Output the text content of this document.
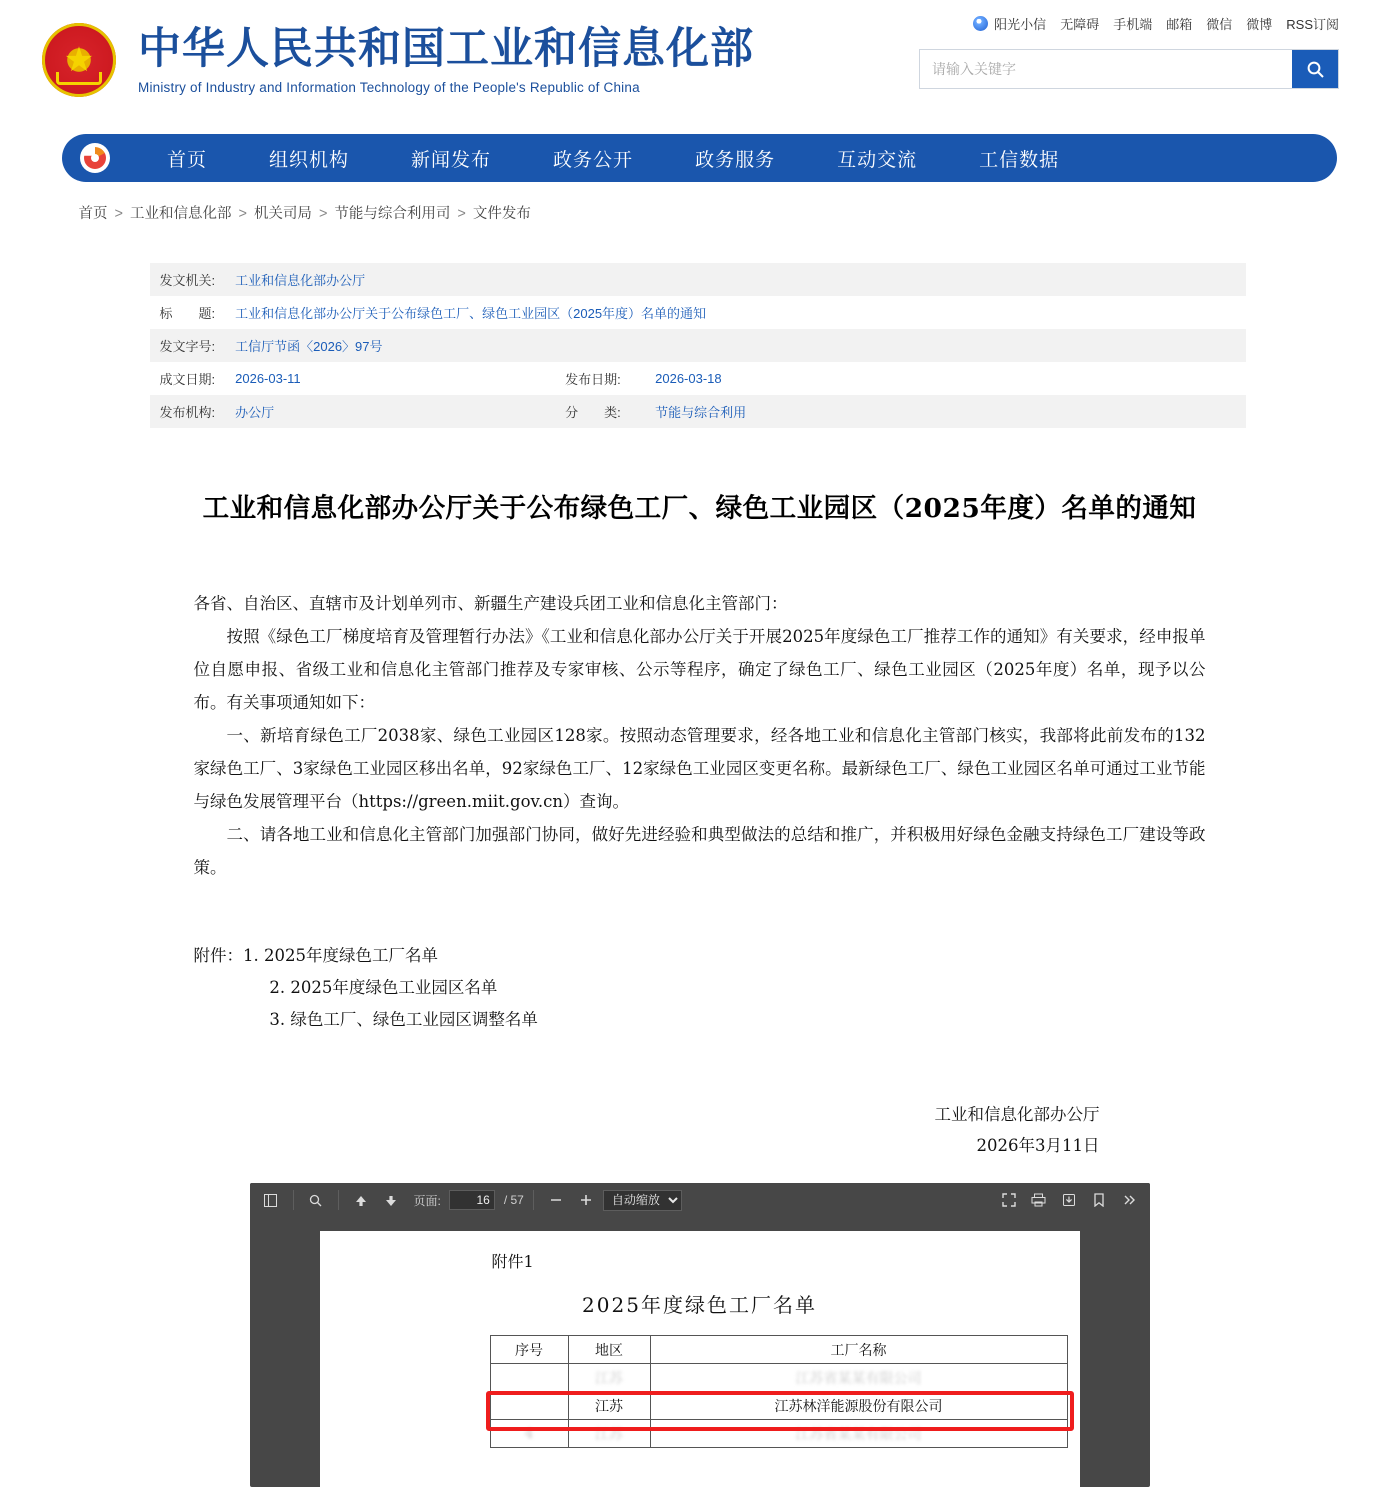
★
中华人民共和国工业和信息化部
Ministry of Industry and Information Technology of the People's Republic of China
阳光小信 无障碍 手机端 邮箱 微信 微博 RSS订阅
请输入关键字
首页	组织机构	新闻发布	政务公开	政务服务	互动交流	工信数据
首页 > 工业和信息化部 > 机关司局 > 节能与综合利用司 > 文件发布
发文机关:	工业和信息化部办公厅		
标　　题:	工业和信息化部办公厅关于公布绿色工厂、绿色工业园区（2025年度）名单的通知		
发文字号:	工信厅节函〈2026〉97号		
成文日期:	2026-03-11	发布日期:	2026-03-18
发布机构:	办公厅	分　　类:	节能与综合利用
工业和信息化部办公厅关于公布绿色工厂、绿色工业园区（2025年度）名单的通知

各省、自治区、直辖市及计划单列市、新疆生产建设兵团工业和信息化主管部门：

按照《绿色工厂梯度培育及管理暂行办法》《工业和信息化部办公厅关于开展2025年度绿色工厂推荐工作的通知》有关要求，经申报单位自愿申报、省级工业和信息化主管部门推荐及专家审核、公示等程序，确定了绿色工厂、绿色工业园区（2025年度）名单，现予以公布。有关事项通知如下：

一、新培育绿色工厂2038家、绿色工业园区128家。按照动态管理要求，经各地工业和信息化主管部门核实，我部将此前发布的132家绿色工厂、3家绿色工业园区移出名单，92家绿色工厂、12家绿色工业园区变更名称。最新绿色工厂、绿色工业园区名单可通过工业节能与绿色发展管理平台（https://green.miit.gov.cn）查询。

二、请各地工业和信息化主管部门加强部门协同，做好先进经验和典型做法的总结和推广，并积极用好绿色金融支持绿色工厂建设等政策。

附件：1. 2025年度绿色工厂名单
2. 2025年度绿色工业园区名单
3. 绿色工厂、绿色工业园区调整名单
工业和信息化部办公厅
2026年3月11日
页面:
16	/ 57
自动缩放
附件1
2025年度绿色工厂名单
序号	地区	工厂名称
	江苏	江苏省某某有限公司
	江苏	江苏林洋能源股份有限公司
4	江苏	江苏省某某有限公司
